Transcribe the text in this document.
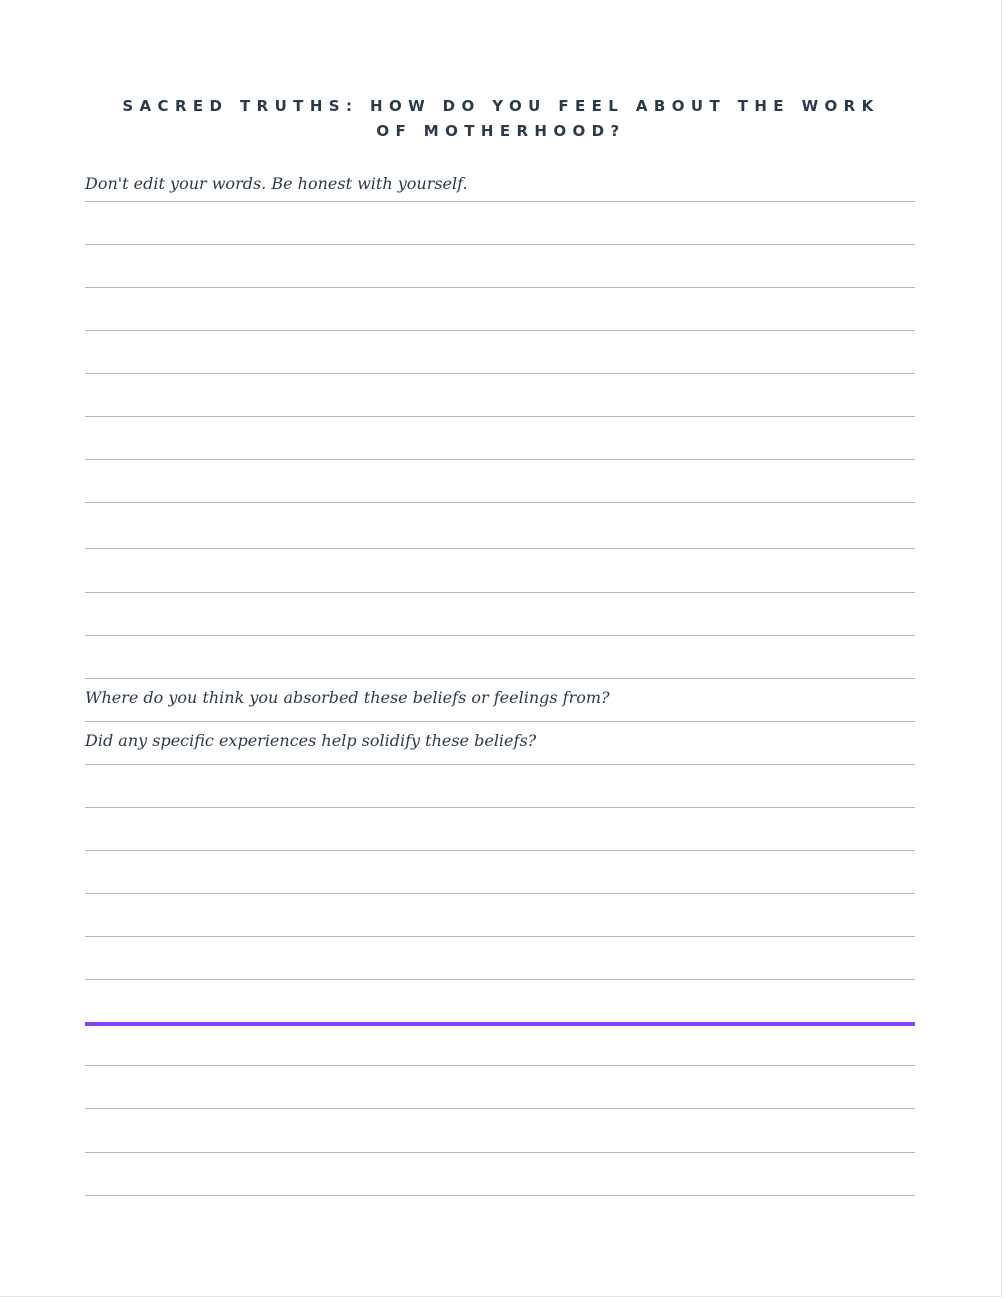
SACRED TRUTHS: HOW DO YOU FEEL ABOUT THE WORK OF MOTHERHOOD?
Don't edit your words. Be honest with yourself.
Where do you think you absorbed these beliefs or feelings from?
Did any specific experiences help solidify these beliefs?
